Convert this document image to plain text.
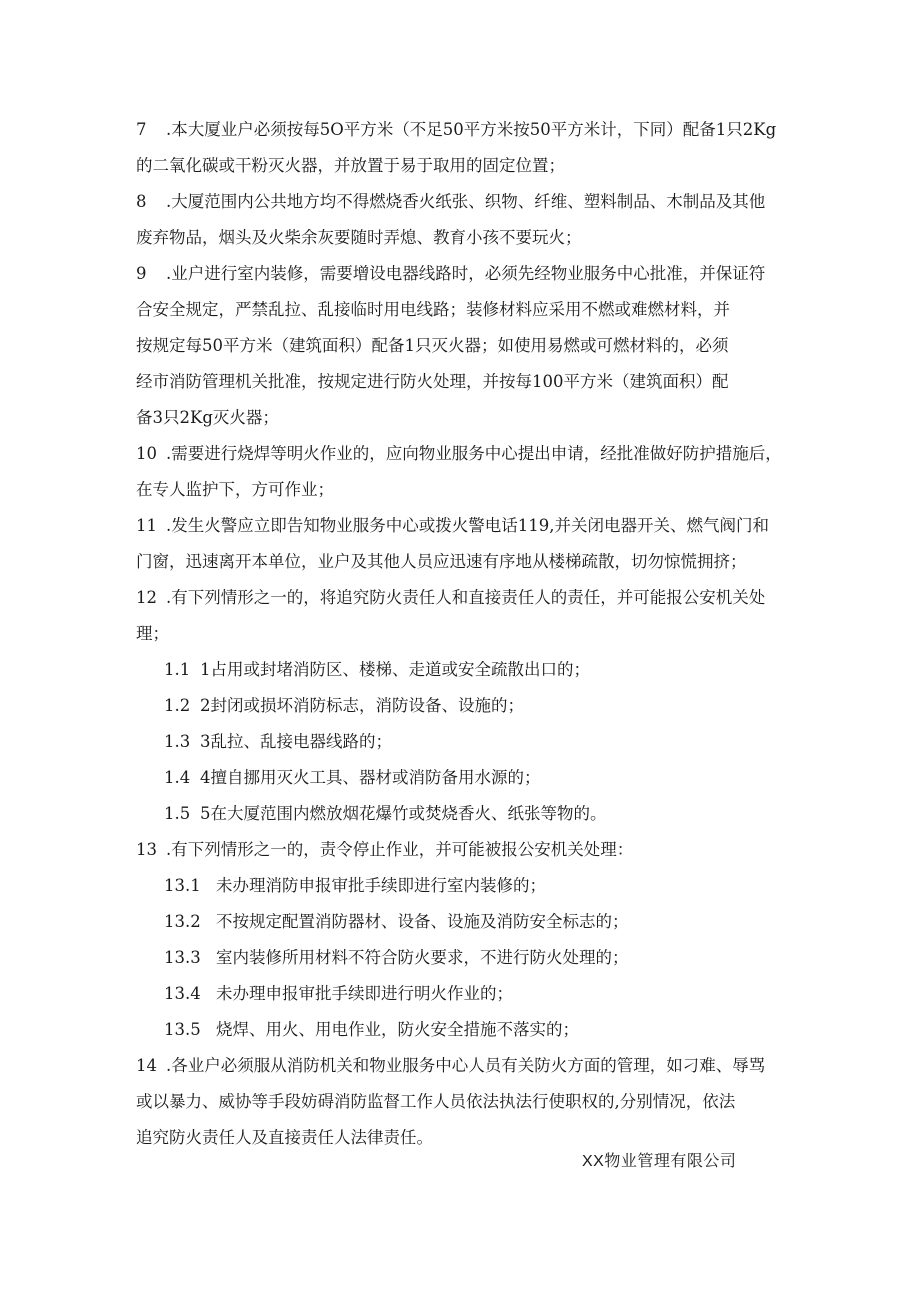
7	.本大厦业户必须按每5O平方米（不足50平方米按50平方米计，下同）配备1只2Kg
的二氧化碳或干粉灭火器，并放置于易于取用的固定位置；
8	.大厦范围内公共地方均不得燃烧香火纸张、织物、纤维、塑料制品、木制品及其他
废弃物品，烟头及火柴余灰要随时弄熄、教育小孩不要玩火；
9	.业户进行室内装修，需要增设电器线路时，必须先经物业服务中心批准，并保证符
合安全规定，严禁乱拉、乱接临时用电线路；装修材料应采用不燃或难燃材料，并
按规定每50平方米（建筑面积）配备1只灭火器；如使用易燃或可燃材料的，必须
经市消防管理机关批准，按规定进行防火处理，并按每100平方米（建筑面积）配
备3只2Kg灭火器；
10 .需要进行烧焊等明火作业的，应向物业服务中心提出申请，经批准做好防护措施后，
在专人监护下，方可作业；
11 .发生火警应立即告知物业服务中心或拨火警电话119,并关闭电器开关、燃气阀门和
门窗，迅速离开本单位，业户及其他人员应迅速有序地从楼梯疏散，切勿惊慌拥挤；
12 .有下列情形之一的，将追究防火责任人和直接责任人的责任，并可能报公安机关处
理；
1.1 1占用或封堵消防区、楼梯、走道或安全疏散出口的；
1.2 2封闭或损坏消防标志，消防设备、设施的；
1.3 3乱拉、乱接电器线路的；
1.4 4擅自挪用灭火工具、器材或消防备用水源的；
1.5 5在大厦范围内燃放烟花爆竹或焚烧香火、纸张等物的。
13 .有下列情形之一的，责令停止作业，并可能被报公安机关处理：
13.1 未办理消防申报审批手续即进行室内装修的；
13.2 不按规定配置消防器材、设备、设施及消防安全标志的；
13.3 室内装修所用材料不符合防火要求，不进行防火处理的；
13.4 未办理申报审批手续即进行明火作业的；
13.5 烧焊、用火、用电作业，防火安全措施不落实的；
14 .各业户必须服从消防机关和物业服务中心人员有关防火方面的管理，如刁难、辱骂
或以暴力、威协等手段妨碍消防监督工作人员依法执法行使职权的,分别情况，依法
追究防火责任人及直接责任人法律责任。
XX物业管理有限公司
